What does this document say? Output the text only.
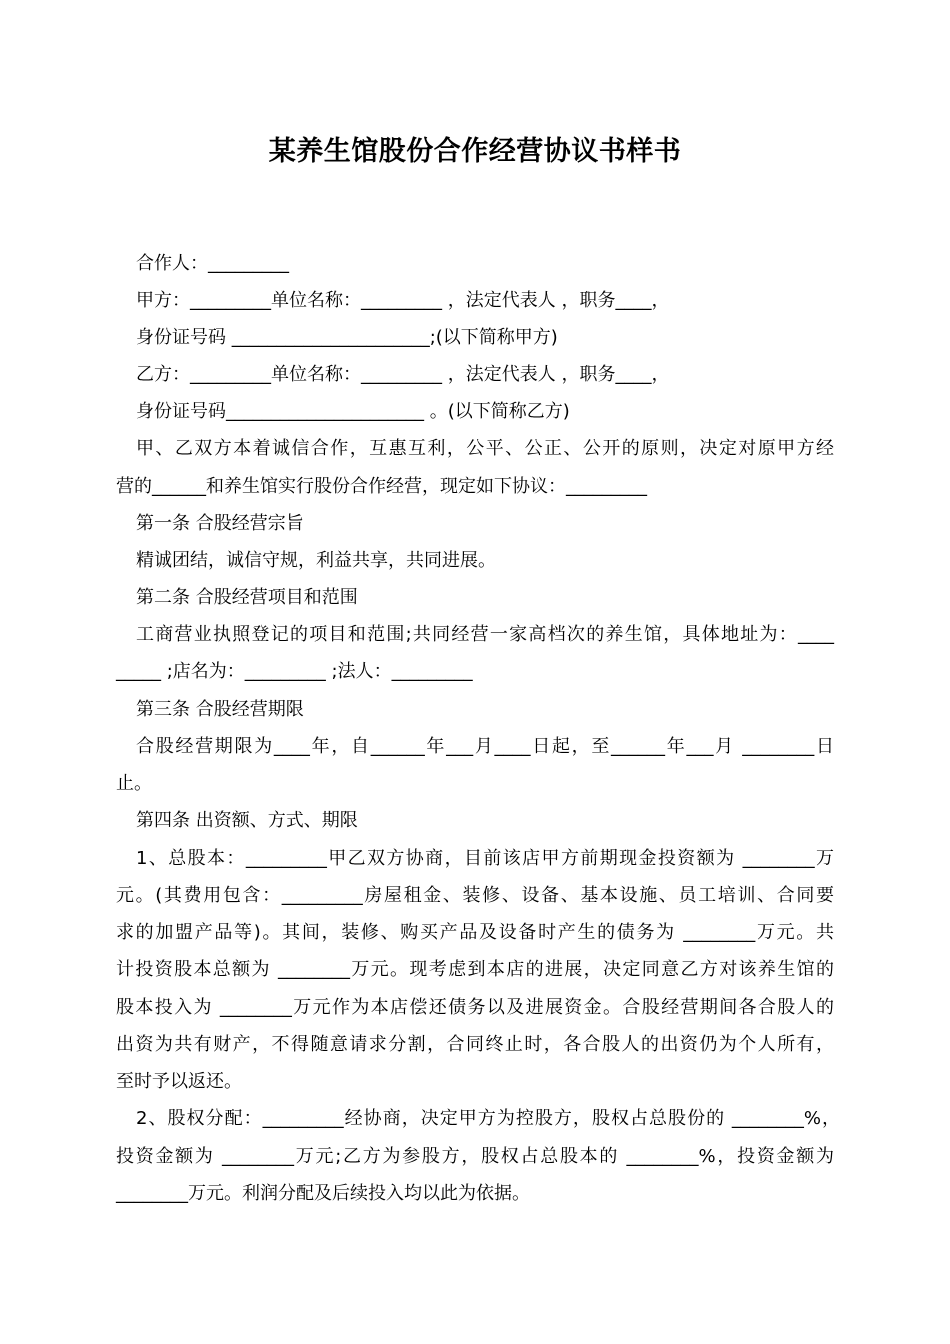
某养生馆股份合作经营协议书样书
合作人：_________
甲方：_________单位名称：_________ ，法定代表人 ，职务____，
身份证号码 ______________________;(以下简称甲方)
乙方：_________单位名称：_________ ，法定代表人 ，职务____，
身份证号码______________________ 。(以下简称乙方)
甲、乙双方本着诚信合作，互惠互利，公平、公正、公开的原则，决定对原甲方经
营的______和养生馆实行股份合作经营，现定如下协议：_________
第一条 合股经营宗旨
精诚团结，诚信守规，利益共享，共同进展。
第二条 合股经营项目和范围
工商营业执照登记的项目和范围;共同经营一家高档次的养生馆，具体地址为：____
_____ ;店名为：_________ ;法人：_________
第三条 合股经营期限
合股经营期限为____年，自______年___月____日起，至______年___月 ________日
止。
第四条 出资额、方式、期限
1、总股本：_________甲乙双方协商，目前该店甲方前期现金投资额为 ________万
元。(其费用包含：_________房屋租金、装修、设备、基本设施、员工培训、合同要
求的加盟产品等)。其间，装修、购买产品及设备时产生的债务为 ________万元。共
计投资股本总额为 ________万元。现考虑到本店的进展，决定同意乙方对该养生馆的
股本投入为 ________万元作为本店偿还债务以及进展资金。合股经营期间各合股人的
出资为共有财产，不得随意请求分割，合同终止时，各合股人的出资仍为个人所有，
至时予以返还。
2、股权分配：_________经协商，决定甲方为控股方，股权占总股份的 ________%，
投资金额为 ________万元;乙方为参股方，股权占总股本的 ________%，投资金额为
________万元。利润分配及后续投入均以此为依据。
